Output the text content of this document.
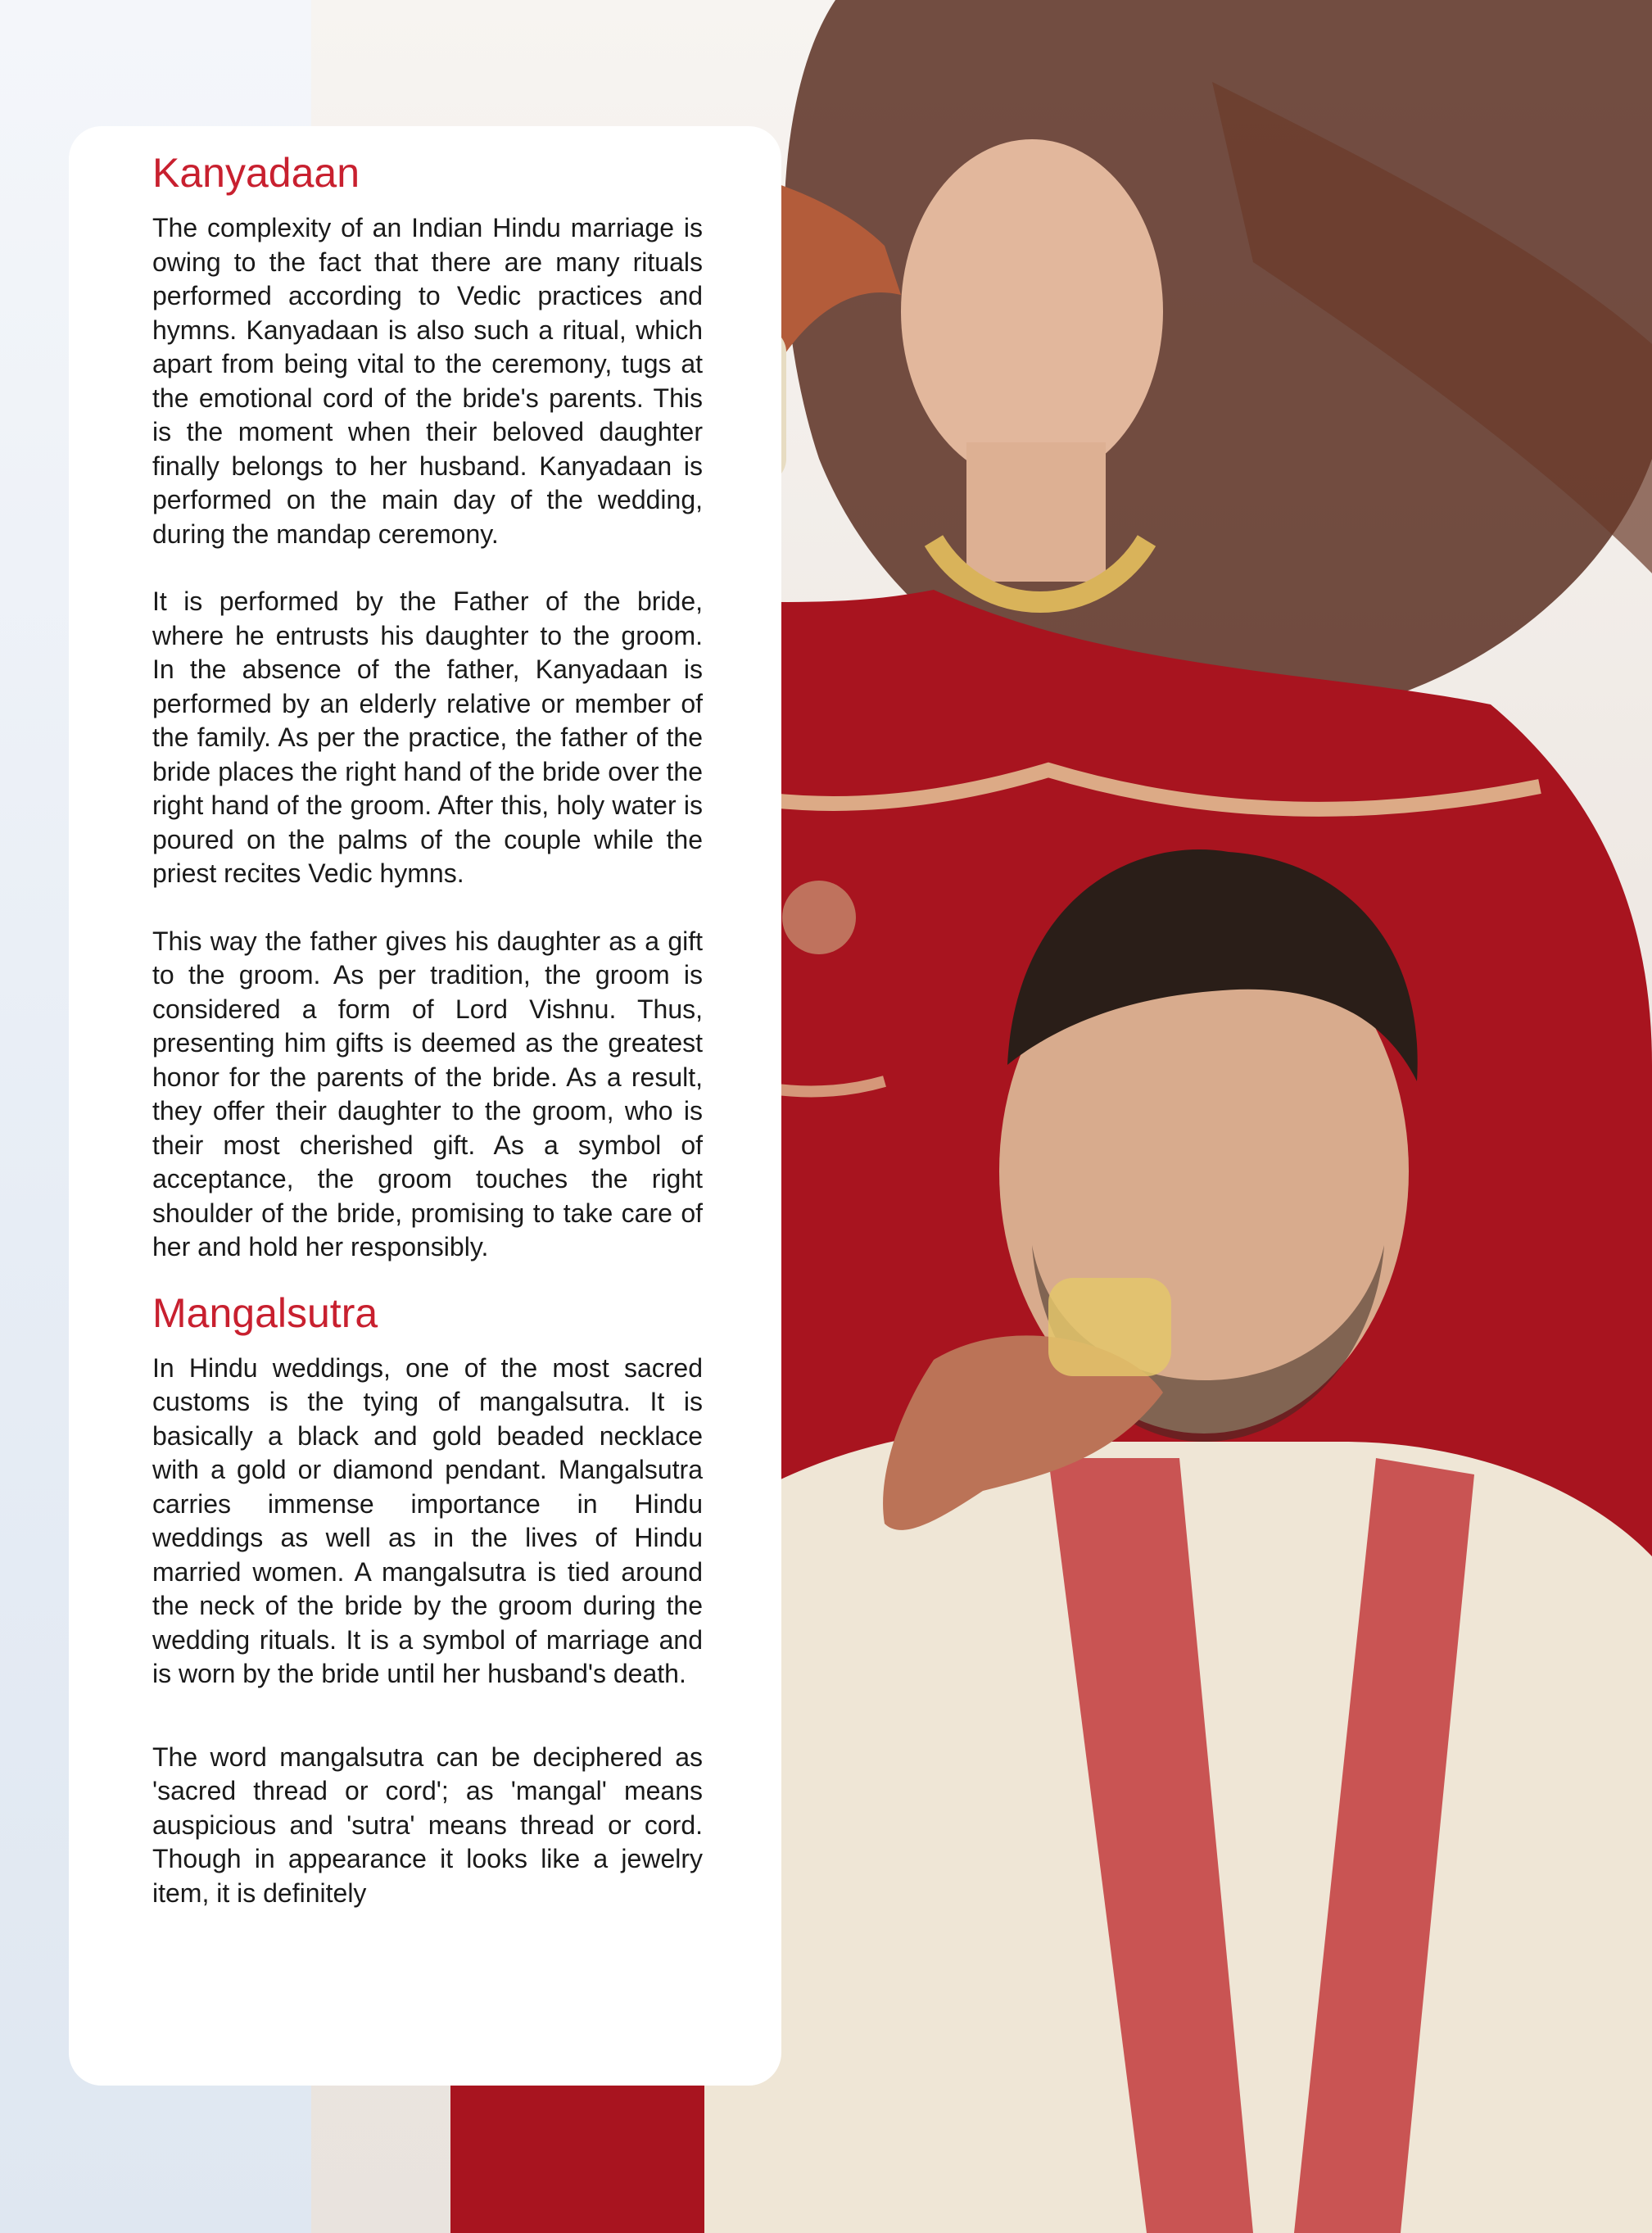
Kanyadaan

The complexity of an Indian Hindu marriage is owing to the fact that there are many rituals performed according to Vedic practices and hymns. Kanyadaan is also such a ritual, which apart from being vital to the ceremony, tugs at the emotional cord of the bride's parents. This is the moment when their beloved daughter finally belongs to her husband. Kanyadaan is performed on the main day of the wedding, during the mandap ceremony.

It is performed by the Father of the bride, where he entrusts his daughter to the groom. In the absence of the father, Kanyadaan is performed by an elderly relative or member of the family. As per the practice, the father of the bride places the right hand of the bride over the right hand of the groom. After this, holy water is poured on the palms of the couple while the priest recites Vedic hymns.

This way the father gives his daughter as a gift to the groom. As per tradition, the groom is considered a form of Lord Vishnu. Thus, presenting him gifts is deemed as the greatest honor for the parents of the bride. As a result, they offer their daughter to the groom, who is their most cherished gift. As a symbol of acceptance, the groom touches the right shoulder of the bride, promising to take care of her and hold her responsibly.

Mangalsutra

In Hindu weddings, one of the most sacred customs is the tying of mangalsutra. It is basically a black and gold beaded necklace with a gold or diamond pendant. Mangalsutra carries immense importance in Hindu weddings as well as in the lives of Hindu married women. A mangalsutra is tied around the neck of the bride by the groom during the wedding rituals. It is a symbol of marriage and is worn by the bride until her husband's death.

The word mangalsutra can be deciphered as 'sacred thread or cord'; as 'mangal' means auspicious and 'sutra' means thread or cord. Though in appearance it looks like a jewelry item, it is definitely
